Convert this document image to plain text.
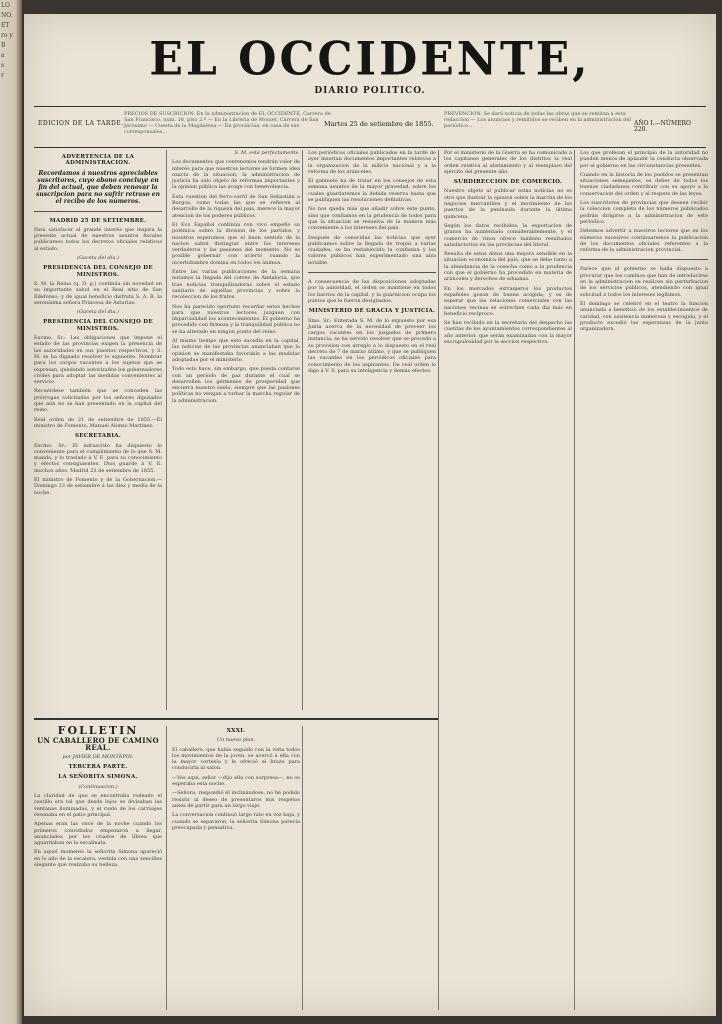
LO
NO.
ET
ro y
B
a
s
r	EL OCCIDENTE,
DIARIO POLITICO.
EDICION DE LA TARDE.
PRECIOS DE SUSCRICION. En la administracion de EL OCCIDENTE, Carrera de San Francisco, num. 16, piso 2.º — En la Librería de Monier, Carrera de San Jerónimo — Cuesta de la Magdalena — En provincias, en casa de sus corresponsales...
Martes 25 de setiembre de 1855.
PREVENCION. Se dará noticia de todas las obras que se remitan a esta redaccion — Los anuncios y remitidos se reciben en la administracion del periódico...	AÑO I.—NÚMERO 220.
ADVERTENCIA DE LA ADMINISTRACION.
Recordamos á nuestros apreciables suscritores, cuyo abono concluye en fin del actual, que deben renovar la suscripcion para no sufrir retraso en el recibo de los números.
MADRID 25 DE SETIEMBRE.
Para satisfacer al grande interés que inspira la presente actual de nuestros asuntos fiscales publicamos todos los decretos oficiales relativos al estado.
(Gaceta del dia.)
PRESIDENCIA DEL CONSEJO DE MINISTROS.
S. M. la Reina (q. D. g.) continúa sin novedad en su importante salud en el Real sitio de San Ildefonso; y de igual beneficio disfruta S. A. R. la serenísima señora Princesa de Asturias.
(Gaceta del dia.)
PRESIDENCIA DEL CONSEJO DE MINISTROS.
Excmo. Sr.: Las obligaciones que impone el estado de las provincias exigen la presencia de las autoridades en sus puestos respectivos, y S. M. se ha dignado resolver lo siguiente. Nombrar para los cargos vacantes a los sujetos que se expresan, quedando autorizados los gobernadores civiles para adoptar las medidas convenientes al servicio.
Recuérdese también que se conceden las prórrogas solicitadas por los señores diputados que aún no se han presentado en la capital del reino.
Real orden de 21 de setiembre de 1855.—El ministro de Fomento, Manuel Alonso Martinez.
SECRETARIA.
Excmo. Sr.: El infrascrito ha dispuesto lo conveniente para el cumplimiento de lo que S. M. manda, y lo traslado á V. E. para su conocimiento y efectos consiguientes. Dios guarde á V. E. muchos años. Madrid 23 de setiembre de 1855.
El ministro de Fomento y de la Gobernacion.—Domingo 23 de setiembre á las diez y media de la noche.
S. M. está perfectamente.
Los documentos que contenemos tendrán valor de interés para que nuestros lectores se formen idea exacta de la situacion; la administracion de justicia ha sido objeto de reformas importantes y la opinion pública las acoge con benevolencia.
Esta cuestion del ferro-carril de San Sebastián a Burgos, como todas las que se refieren al desarrollo de la riqueza del país, merece la mayor atencion de los poderes públicos.
El Eco Español continúa con vivo empeño su polémica sobre la division de los partidos, y nosotros esperamos que el buen sentido de la nacion sabrá distinguir entre los intereses verdaderos y las pasiones del momento. No es posible gobernar con acierto cuando la incertidumbre domina en todos los ánimos.
Entre las varias publicaciones de la semana notamos la llegada del correo de Andalucía, que trae noticias tranquilizadoras sobre el estado sanitario de aquellas provincias y sobre la recoleccion de los frutos.
Nos ha parecido oportuno recordar estos hechos para que nuestros lectores juzguen con imparcialidad los acontecimientos. El gobierno ha procedido con firmeza y la tranquilidad pública no se ha alterado en ningun punto del reino.
Al mismo tiempo que esto sucedía en la capital, las noticias de las provincias anunciaban que la opinion se manifestaba favorable a las medidas adoptadas por el ministerio.
Todo esto hace, sin embargo, que pueda contarse con un período de paz durante el cual se desarrollen los gérmenes de prosperidad que encierra nuestro suelo, siempre que las pasiones políticas no vengan a turbar la marcha regular de la administracion.
Los periódicos oficiales publicados en la tarde de ayer insertan documentos importantes relativos a la organizacion de la milicia nacional y a la reforma de los aranceles.
El gabinete ha de tratar en los consejos de esta semana asuntos de la mayor gravedad, sobre los cuales guardaremos la debida reserva hasta que se publiquen las resoluciones definitivas.
No nos queda más que añadir sobre este punto, sino que confiamos en la prudencia de todos para que la situacion se resuelva de la manera más conveniente a los intereses del país.
Después de conocidas las noticias que ayer publicamos sobre la llegada de tropas a varias ciudades, se ha restablecido la confianza y los valores públicos han experimentado una alza notable.
A consecuencia de las disposiciones adoptadas por la autoridad, el orden se mantiene en todos los barrios de la capital, y la guarnicion ocupa los puntos que le fueron designados.
MINISTERIO DE GRACIA Y JUSTICIA.
Ilmo. Sr.: Enterada S. M. de lo expuesto por esa Junta acerca de la necesidad de proveer los cargos vacantes en los juzgados de primera instancia, se ha servido resolver que se proceda a su provision con arreglo a lo dispuesto en el real decreto de 7 de marzo último, y que se publiquen las vacantes en los periódicos oficiales para conocimiento de los aspirantes. De real orden lo digo á V. S. para su inteligencia y demás efectos.
Por el ministerio de la Guerra se ha comunicado a los capitanes generales de los distritos la real orden relativa al alistamiento y al reemplazo del ejército del presente año.
SUBDIRECCION DE COMERCIO.
Nuestro objeto al publicar estas noticias no es otro que ilustrar la opinion sobre la marcha de los negocios mercantiles y el movimiento de los puertos de la península durante la última quincena.
Según los datos recibidos, la exportacion de granos ha aumentado considerablemente, y el comercio de vinos ofrece también resultados satisfactorios en las provincias del litoral.
Resulta de estos datos una mejora sensible en la situacion económica del país, que se debe tanto a la abundancia de la cosecha como a la prudencia con que el gobierno ha procedido en materia de aranceles y derechos de aduanas.
En los mercados extranjeros los productos españoles gozan de buena acogida, y es de esperar que las relaciones comerciales con las naciones vecinas se estrechen cada día más en beneficio recíproco.
Se han recibido en la secretaría del despacho las cuentas de los ayuntamientos correspondientes al año anterior, que serán examinadas con la mayor escrupulosidad por la seccion respectiva.
Los que profesan el principio de la autoridad no pueden menos de aplaudir la conducta observada por el gobierno en las circunstancias presentes.
Cuando en la historia de los pueblos se presentan situaciones semejantes, es deber de todos los buenos ciudadanos contribuir con su apoyo a la conservacion del orden y al respeto de las leyes.
Los suscritores de provincias que deseen recibir la coleccion completa de los números publicados podrán dirigirse a la administracion de este periódico.
Debemos advertir a nuestros lectores que en los números sucesivos continuaremos la publicacion de los documentos oficiales referentes a la reforma de la administracion provincial.
Parece que el gobierno se halla dispuesto a procurar que los cambios que han de introducirse en la administracion se realicen sin perturbacion de los servicios públicos, atendiendo con igual solicitud a todos los intereses legítimos.
El domingo se celebró en el teatro la funcion anunciada a beneficio de los establecimientos de caridad, con asistencia numerosa y escogida, y el producto excedió las esperanzas de la junta organizadora.
FOLLETIN
UN CABALLERO DE CAMINO REAL.
por JAVIER DE MONTEPIN.
TERCERA PARTE.
LA SEÑORITA SIMONA.
(Continuacion.)
La claridad de que se encontraba rodeado el castillo era tal que desde lejos se divisaban las ventanas iluminadas, y el ruido de los carruajes resonaba en el patio principal.
Apenas eran las once de la noche cuando los primeros convidados empezaron a llegar, anunciados por los criados de librea que aguardaban en la escalinata.
En aquel momento la señorita Simona apareció en lo alto de la escalera, vestida con una sencillez elegante que realzaba su belleza.
XXXI.
Un nuevo plan.
El caballero, que había seguido con la vista todos los movimientos de la joven, se acercó a ella con la mayor cortesía y le ofreció el brazo para conducirla al salon.
—Vos aquí, señor —dijo ella con sorpresa—, no os esperaba esta noche.
—Señora, respondió él inclinándose, no he podido resistir al deseo de presentaros mis respetos antes de partir para un largo viaje.
La conversacion continuó largo rato en voz baja, y cuando se separaron, la señorita Simona parecía preocupada y pensativa.
